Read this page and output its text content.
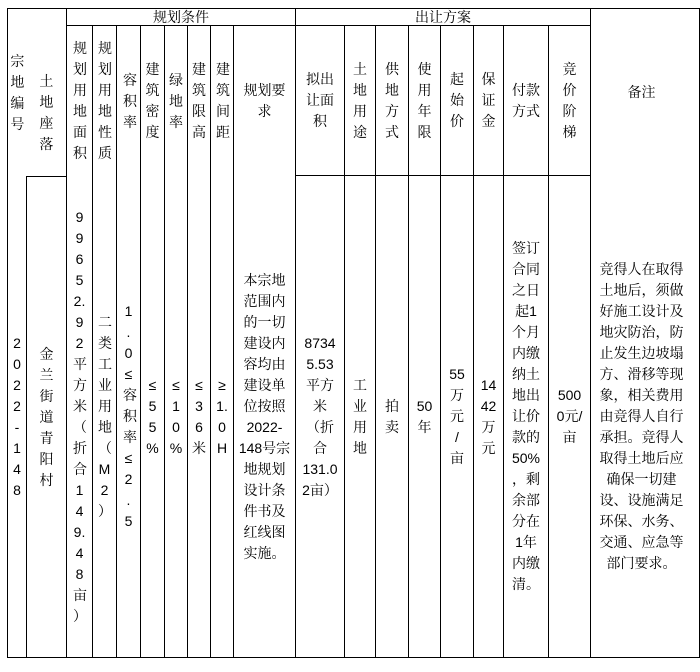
宗地编号
土地座落
规划条件	出让方案
备注
规划用地面积
规划用地性质
容积率
建筑密度
绿地率
建筑限高
建筑间距
规划要求
拟出让面积
土地用途
供地方式
使用年限
起始价
保证金
付款方式
竞价阶梯
2022-148
金兰街道青阳村
99652.92平方米（折合149.48亩）
二类工业用地（M2）
1.0≤容积率≤2.5
≤55%
≤10%
≤36米
≥1.0H
本宗地范围内的一切建设内容均由建设单位按照2022-148号宗地规划设计条件书及红线图实施。
87345.53平方米（折合131.02亩）
工业用地
拍卖
50年
55万元/亩
1442万元
签订合同之日起1个月内缴纳土地出让价款的50%，剩余部分在1年内缴清。
5000元/亩
竞得人在取得土地后，须做好施工设计及地灾防治，防止发生边坡塌方、滑移等现象，相关费用由竞得人自行承担。竞得人取得土地后应确保一切建设、设施满足环保、水务、交通、应急等部门要求。
